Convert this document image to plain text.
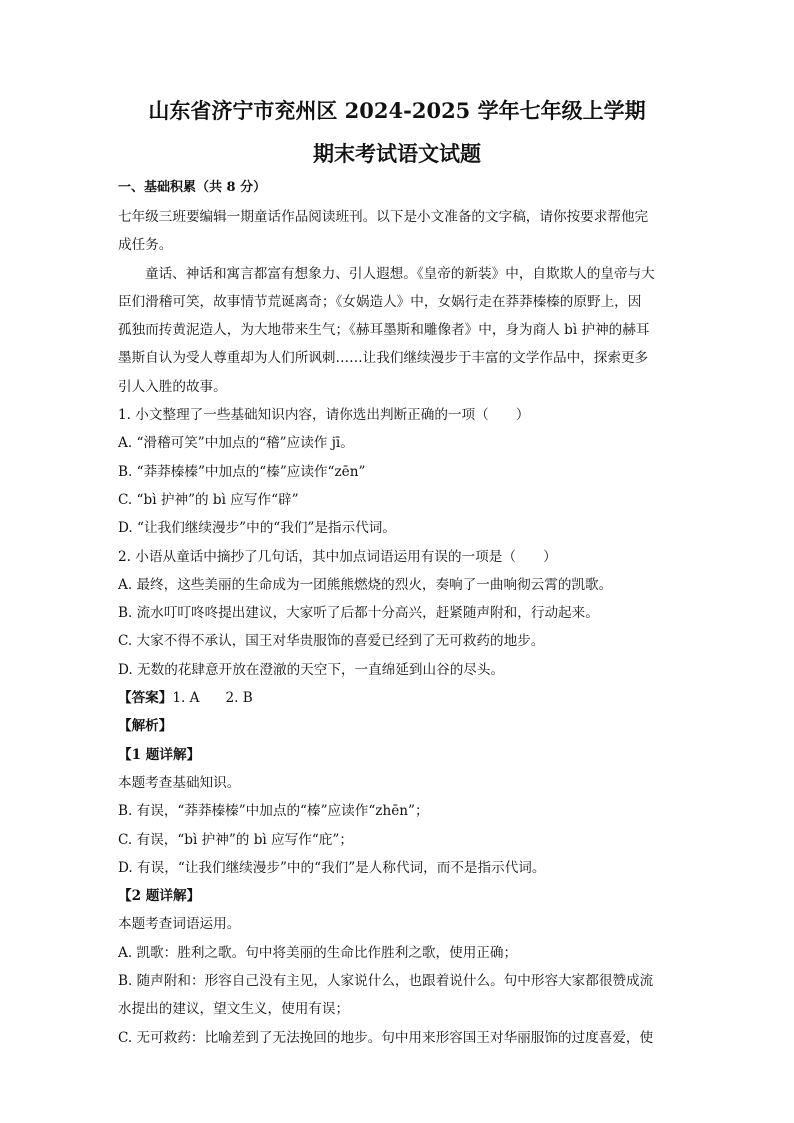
山东省济宁市兖州区 2024-2025 学年七年级上学期
期末考试语文试题
一、基础积累（共 8 分）
七年级三班要编辑一期童话作品阅读班刊。以下是小文准备的文字稿，请你按要求帮他完
成任务。
童话、神话和寓言都富有想象力、引人遐想。《皇帝的新装》中，自欺欺人的皇帝与大
臣们滑稽可笑，故事情节荒诞离奇；《女娲造人》中，女娲行走在莽莽榛榛的原野上，因
孤独而抟黄泥造人，为大地带来生气；《赫耳墨斯和雕像者》中，身为商人 bì 护神的赫耳
墨斯自认为受人尊重却为人们所讽刺……让我们继续漫步于丰富的文学作品中，探索更多
引人入胜的故事。
1. 小文整理了一些基础知识内容，请你选出判断正确的一项（　　）
A. “滑稽可笑”中加点的“稽”应读作 jī。
B. “莽莽榛榛”中加点的“榛”应读作“zēn”
C. “bì 护神”的 bì 应写作“辟”
D. “让我们继续漫步”中的“我们”是指示代词。
2. 小语从童话中摘抄了几句话，其中加点词语运用有误的一项是（　　）
A. 最终，这些美丽的生命成为一团熊熊燃烧的烈火，奏响了一曲响彻云霄的凯歌。
B. 流水叮叮咚咚提出建议，大家听了后都十分高兴，赶紧随声附和，行动起来。
C. 大家不得不承认，国王对华贵服饰的喜爱已经到了无可救药的地步。
D. 无数的花肆意开放在澄澈的天空下，一直绵延到山谷的尽头。
【答案】1. A 2. B
【解析】
【1 题详解】
本题考查基础知识。
B. 有误，“莽莽榛榛”中加点的“榛”应读作“zhēn”；
C. 有误，“bì 护神”的 bì 应写作“庇”；
D. 有误，“让我们继续漫步”中的“我们”是人称代词，而不是指示代词。
【2 题详解】
本题考查词语运用。
A. 凯歌：胜利之歌。句中将美丽的生命比作胜利之歌，使用正确；
B. 随声附和：形容自己没有主见，人家说什么，也跟着说什么。句中形容大家都很赞成流
水提出的建议，望文生义，使用有误；
C. 无可救药：比喻差到了无法挽回的地步。句中用来形容国王对华丽服饰的过度喜爱，使
